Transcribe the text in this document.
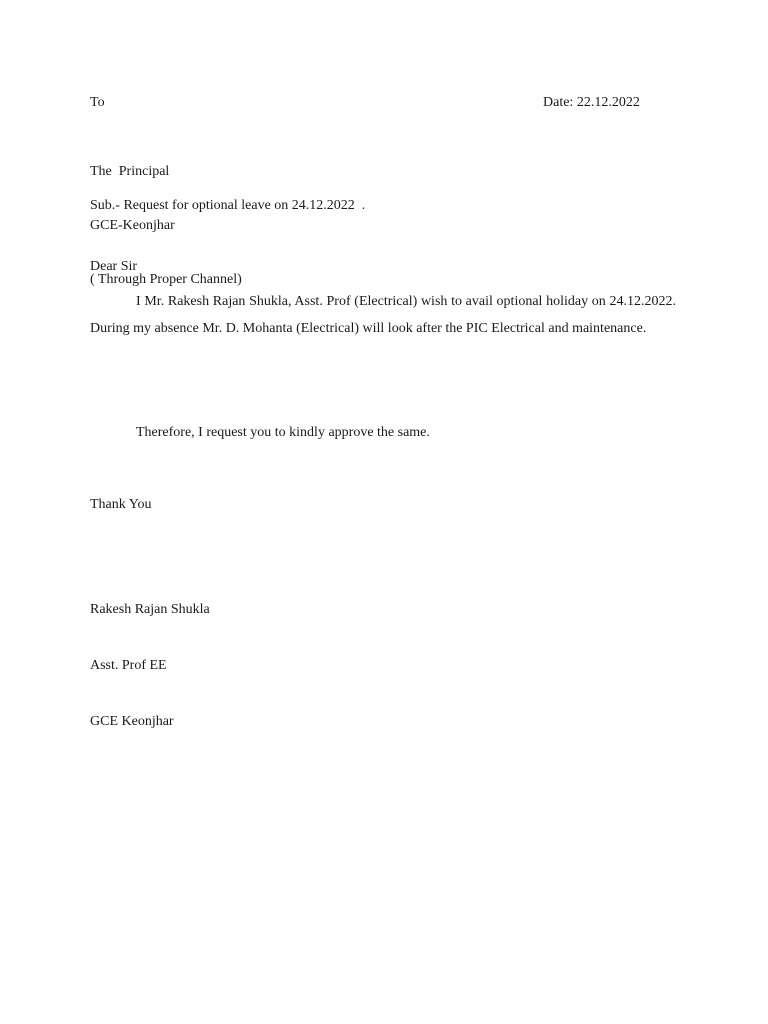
To	Date: 22.12.2022

The  Principal

GCE-Keonjhar

( Through Proper Channel)

Sub.- Request for optional leave on 24.12.2022  .

Dear Sir

I Mr. Rakesh Rajan Shukla, Asst. Prof (Electrical) wish to avail optional holiday on 24.12.2022. During my absence Mr. D. Mohanta (Electrical) will look after the PIC Electrical and maintenance.

Therefore, I request you to kindly approve the same.

Thank You

Rakesh Rajan Shukla

Asst. Prof EE

GCE Keonjhar
